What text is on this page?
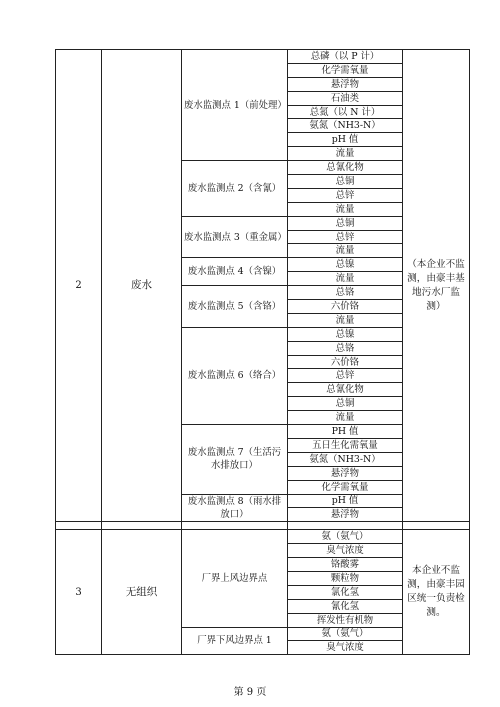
2	废水	废水监测点 1（前处理）	总磷（以 P 计）	（本企业不监测，由豪丰基地污水厂监测）
			化学需氧量	
			悬浮物	
			石油类	
			总氮（以 N 计）	
			氨氮（NH3-N）	
			pH 值	
			流量	
		废水监测点 2（含氰）	总氰化物	
			总铜	
			总锌	
			流量	
		废水监测点 3（重金属）	总铜	
			总锌	
			流量	
		废水监测点 4（含镍）	总镍	
			流量	
		废水监测点 5（含铬）	总铬	
			六价铬	
			流量	
		废水监测点 6（络合）	总镍	
			总铬	
			六价铬	
			总锌	
			总氰化物	
			总铜	
			流量	
		废水监测点 7（生活污水排放口）	PH 值	
			五日生化需氧量	
			氨氮（NH3-N）	
			悬浮物	
			化学需氧量	
		废水监测点 8（雨水排放口）	pH 值	
			悬浮物	

3	无组织	厂界上风边界点	氨（氨气）	本企业不监测，由豪丰园区统一负责检测。
			臭气浓度	
			铬酸雾	
			颗粒物	
			氯化氢	
			氰化氢	
			挥发性有机物	
		厂界下风边界点 1	氨（氨气）	
			臭气浓度	
第 9 页
